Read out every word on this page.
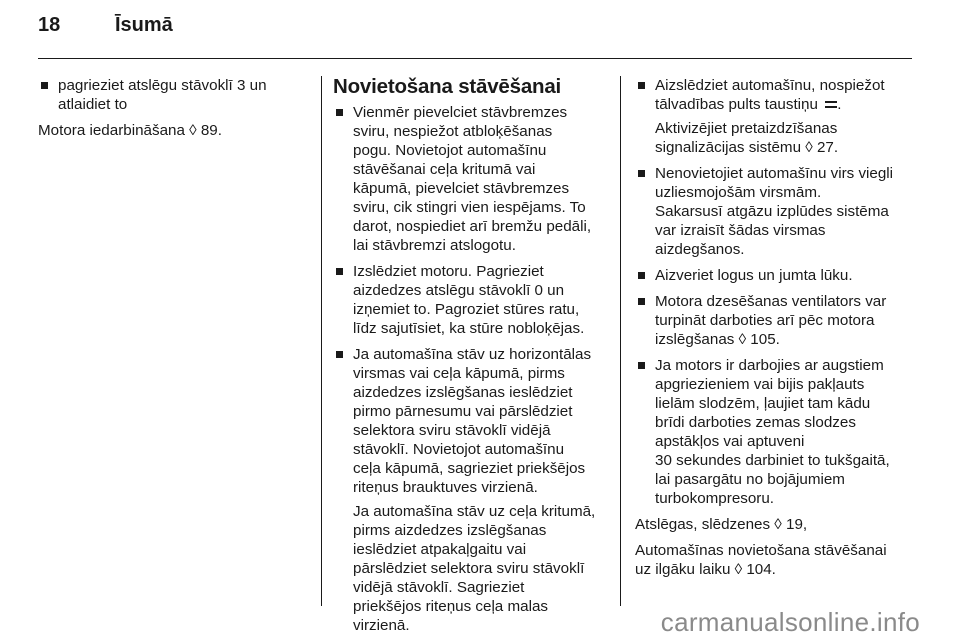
18	Īsumā
pagrieziet atslēgu stāvoklī 3 un
atlaidiet to

Motora iedarbināšana ◊ 89.

Novietošana stāvēšanai
Vienmēr pievelciet stāvbremzes
sviru, nespiežot atbloķēšanas
pogu. Novietojot automašīnu
stāvēšanai ceļa kritumā vai
kāpumā, pievelciet stāvbremzes
sviru, cik stingri vien iespējams. To
darot, nospiediet arī bremžu pedāli,
lai stāvbremzi atslogotu.
Izslēdziet motoru. Pagrieziet
aizdedzes atslēgu stāvoklī 0 un
izņemiet to. Pagroziet stūres ratu,
līdz sajutīsiet, ka stūre nobloķējas.
Ja automašīna stāv uz horizontālas
virsmas vai ceļa kāpumā, pirms
aizdedzes izslēgšanas ieslēdziet
pirmo pārnesumu vai pārslēdziet
selektora sviru stāvoklī vidējā
stāvoklī. Novietojot automašīnu
ceļa kāpumā, sagrieziet priekšējos
riteņus brauktuves virzienā.
Ja automašīna stāv uz ceļa kritumā,
pirms aizdedzes izslēgšanas
ieslēdziet atpakaļgaitu vai
pārslēdziet selektora sviru stāvoklī
vidējā stāvoklī. Sagrieziet
priekšējos riteņus ceļa malas
virzienā.
Aizslēdziet automašīnu, nospiežot
tālvadības pults taustiņu .
Aktivizējiet pretaizdzīšanas
signalizācijas sistēmu ◊ 27.
Nenovietojiet automašīnu virs viegli
uzliesmojošām virsmām.
Sakarsusī atgāzu izplūdes sistēma
var izraisīt šādas virsmas
aizdegšanos.
Aizveriet logus un jumta lūku.
Motora dzesēšanas ventilators var
turpināt darboties arī pēc motora
izslēgšanas ◊ 105.
Ja motors ir darbojies ar augstiem
apgriezieniem vai bijis pakļauts
lielām slodzēm, ļaujiet tam kādu
brīdi darboties zemas slodzes
apstākļos vai aptuveni
30 sekundes darbiniet to tukšgaitā,
lai pasargātu no bojājumiem
turbokompresoru.

Atslēgas, slēdzenes ◊ 19,

Automašīnas novietošana stāvēšanai
uz ilgāku laiku ◊ 104.

carmanualsonline.info
